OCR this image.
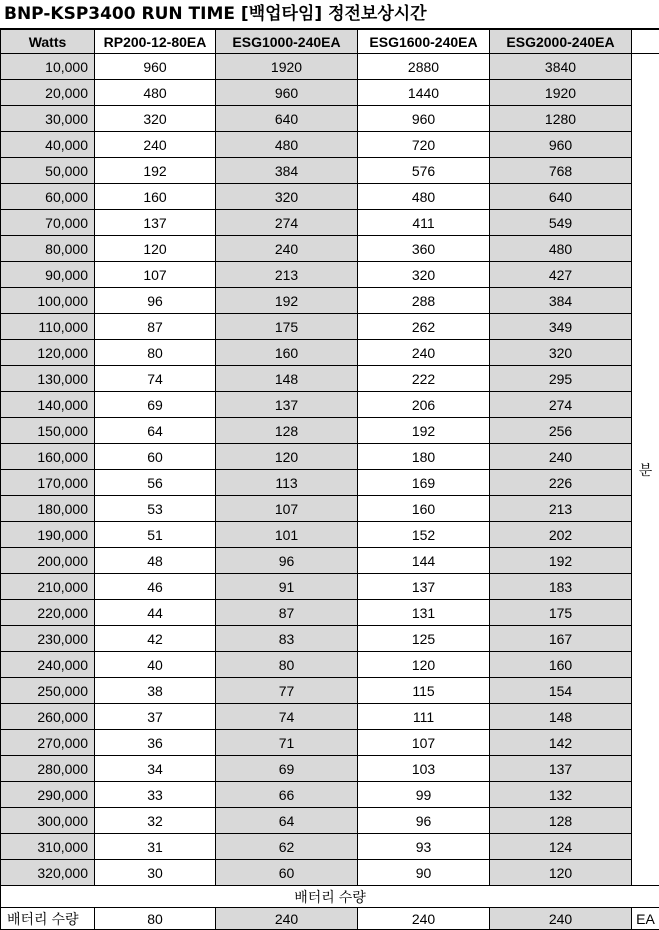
BNP-KSP3400 RUN TIME [백업타임] 정전보상시간
Watts	RP200-12-80EA	ESG1000-240EA	ESG1600-240EA	ESG2000-240EA	
10,000	960	1920	2880	3840	분
20,000	480	960	1440	1920	
30,000	320	640	960	1280	
40,000	240	480	720	960	
50,000	192	384	576	768	
60,000	160	320	480	640	
70,000	137	274	411	549	
80,000	120	240	360	480	
90,000	107	213	320	427	
100,000	96	192	288	384	
110,000	87	175	262	349	
120,000	80	160	240	320	
130,000	74	148	222	295	
140,000	69	137	206	274	
150,000	64	128	192	256	
160,000	60	120	180	240	
170,000	56	113	169	226	
180,000	53	107	160	213	
190,000	51	101	152	202	
200,000	48	96	144	192	
210,000	46	91	137	183	
220,000	44	87	131	175	
230,000	42	83	125	167	
240,000	40	80	120	160	
250,000	38	77	115	154	
260,000	37	74	111	148	
270,000	36	71	107	142	
280,000	34	69	103	137	
290,000	33	66	99	132	
300,000	32	64	96	128	
310,000	31	62	93	124	
320,000	30	60	90	120	
배터리 수량					
배터리 수량	80	240	240	240	EA
